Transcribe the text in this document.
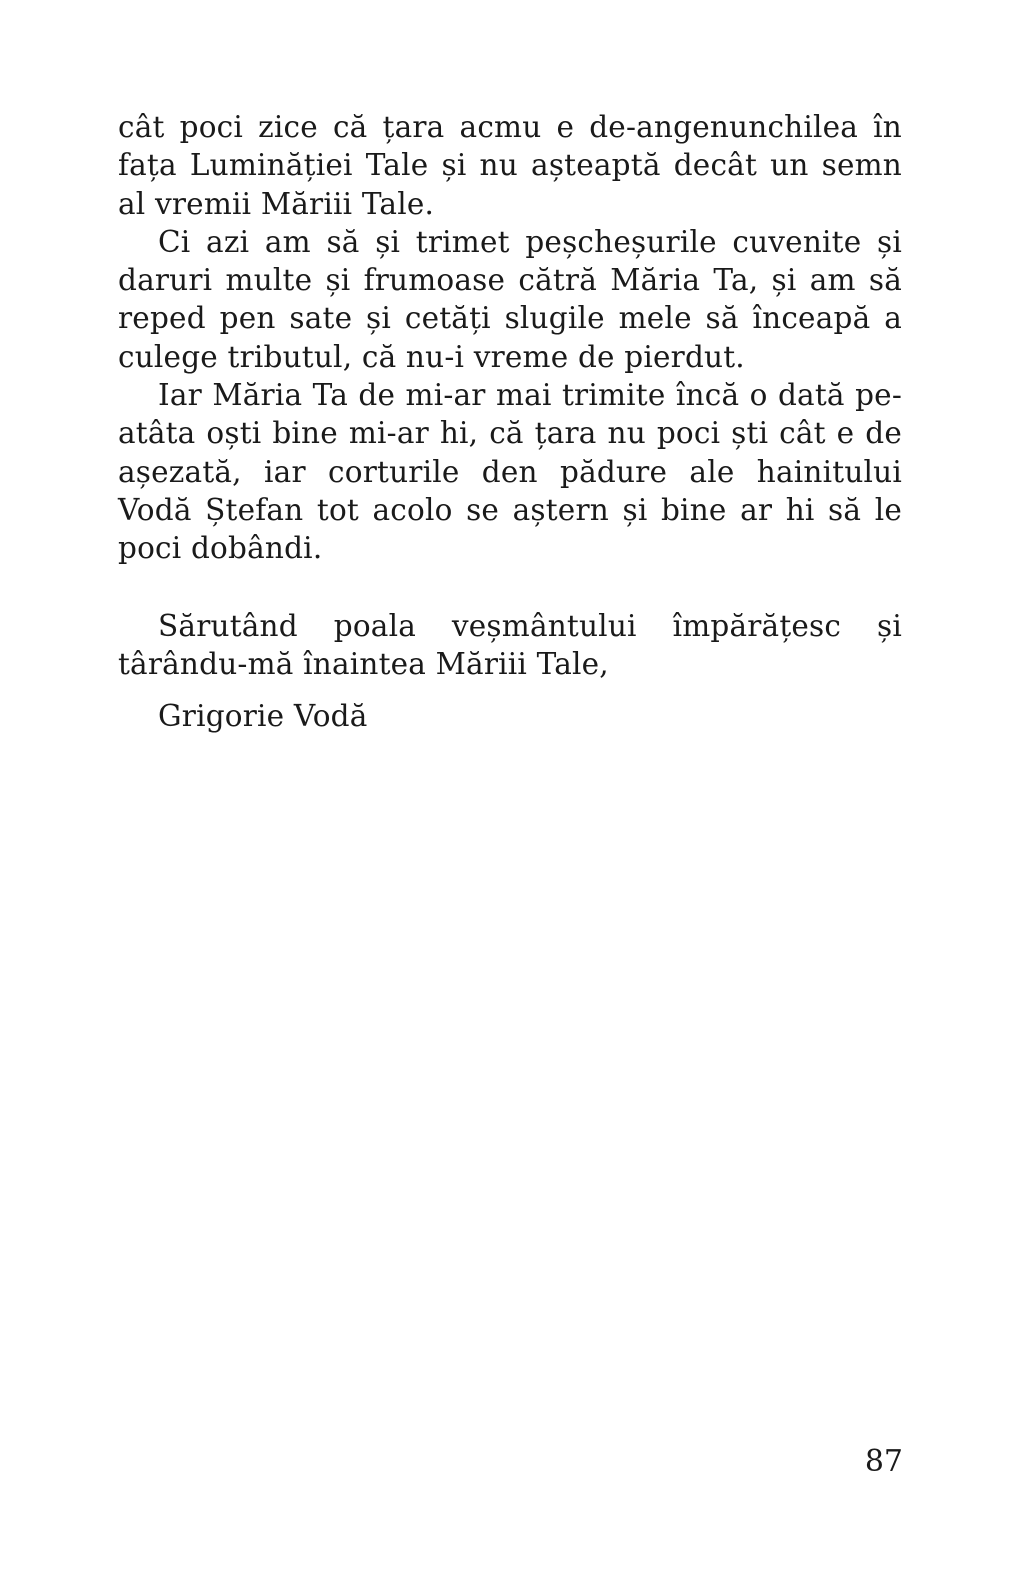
cât poci zice că țara acmu e de-angenunchilea în fața Luminăției Tale și nu așteaptă decât un semn al vremii Măriii Tale.

Ci azi am să și trimet peșcheșurile cuvenite și daruri multe și frumoase cătră Măria Ta, și am să reped pen sate și cetăți slugile mele să înceapă a culege tributul, că nu-i vreme de pierdut.

Iar Măria Ta de mi-ar mai trimite încă o dată pe-atâta oști bine mi-ar hi, că țara nu poci ști cât e de așezată, iar corturile den pădure ale hainitului Vodă Ștefan tot acolo se aștern și bine ar hi să le poci dobândi.

Sărutând poala veșmântului împărățesc și târându-mă înaintea Măriii Tale,

Grigorie Vodă

87
